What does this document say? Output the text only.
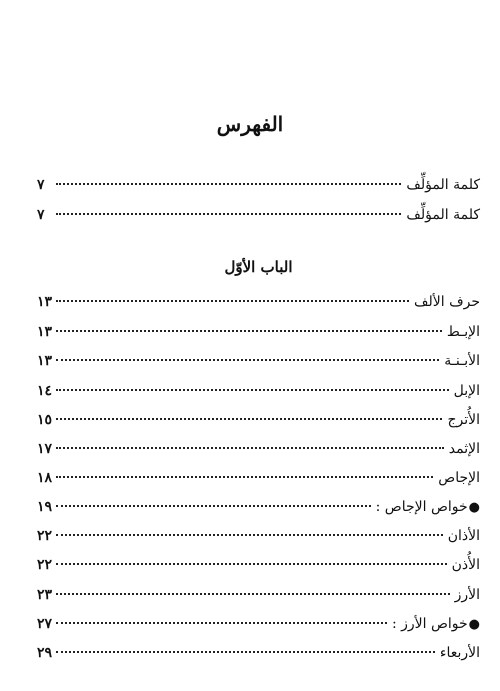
الفهرس
كلمة المؤلِّف
٧
كلمة المؤلِّف
٧
الباب الأوّل
حرف الألف
١٣
الإبـط
١٣
الأبـنـة
١٣
الإبل
١٤
الأُترج
١٥
الإثمد
١٧
الإجاص
١٨
●
خواص الإجاص :
١٩
الأذان
٢٢
الأُذن
٢٢
الأرز
٢٣
●
خواص الأرز :
٢٧
الأربعاء
٢٩
